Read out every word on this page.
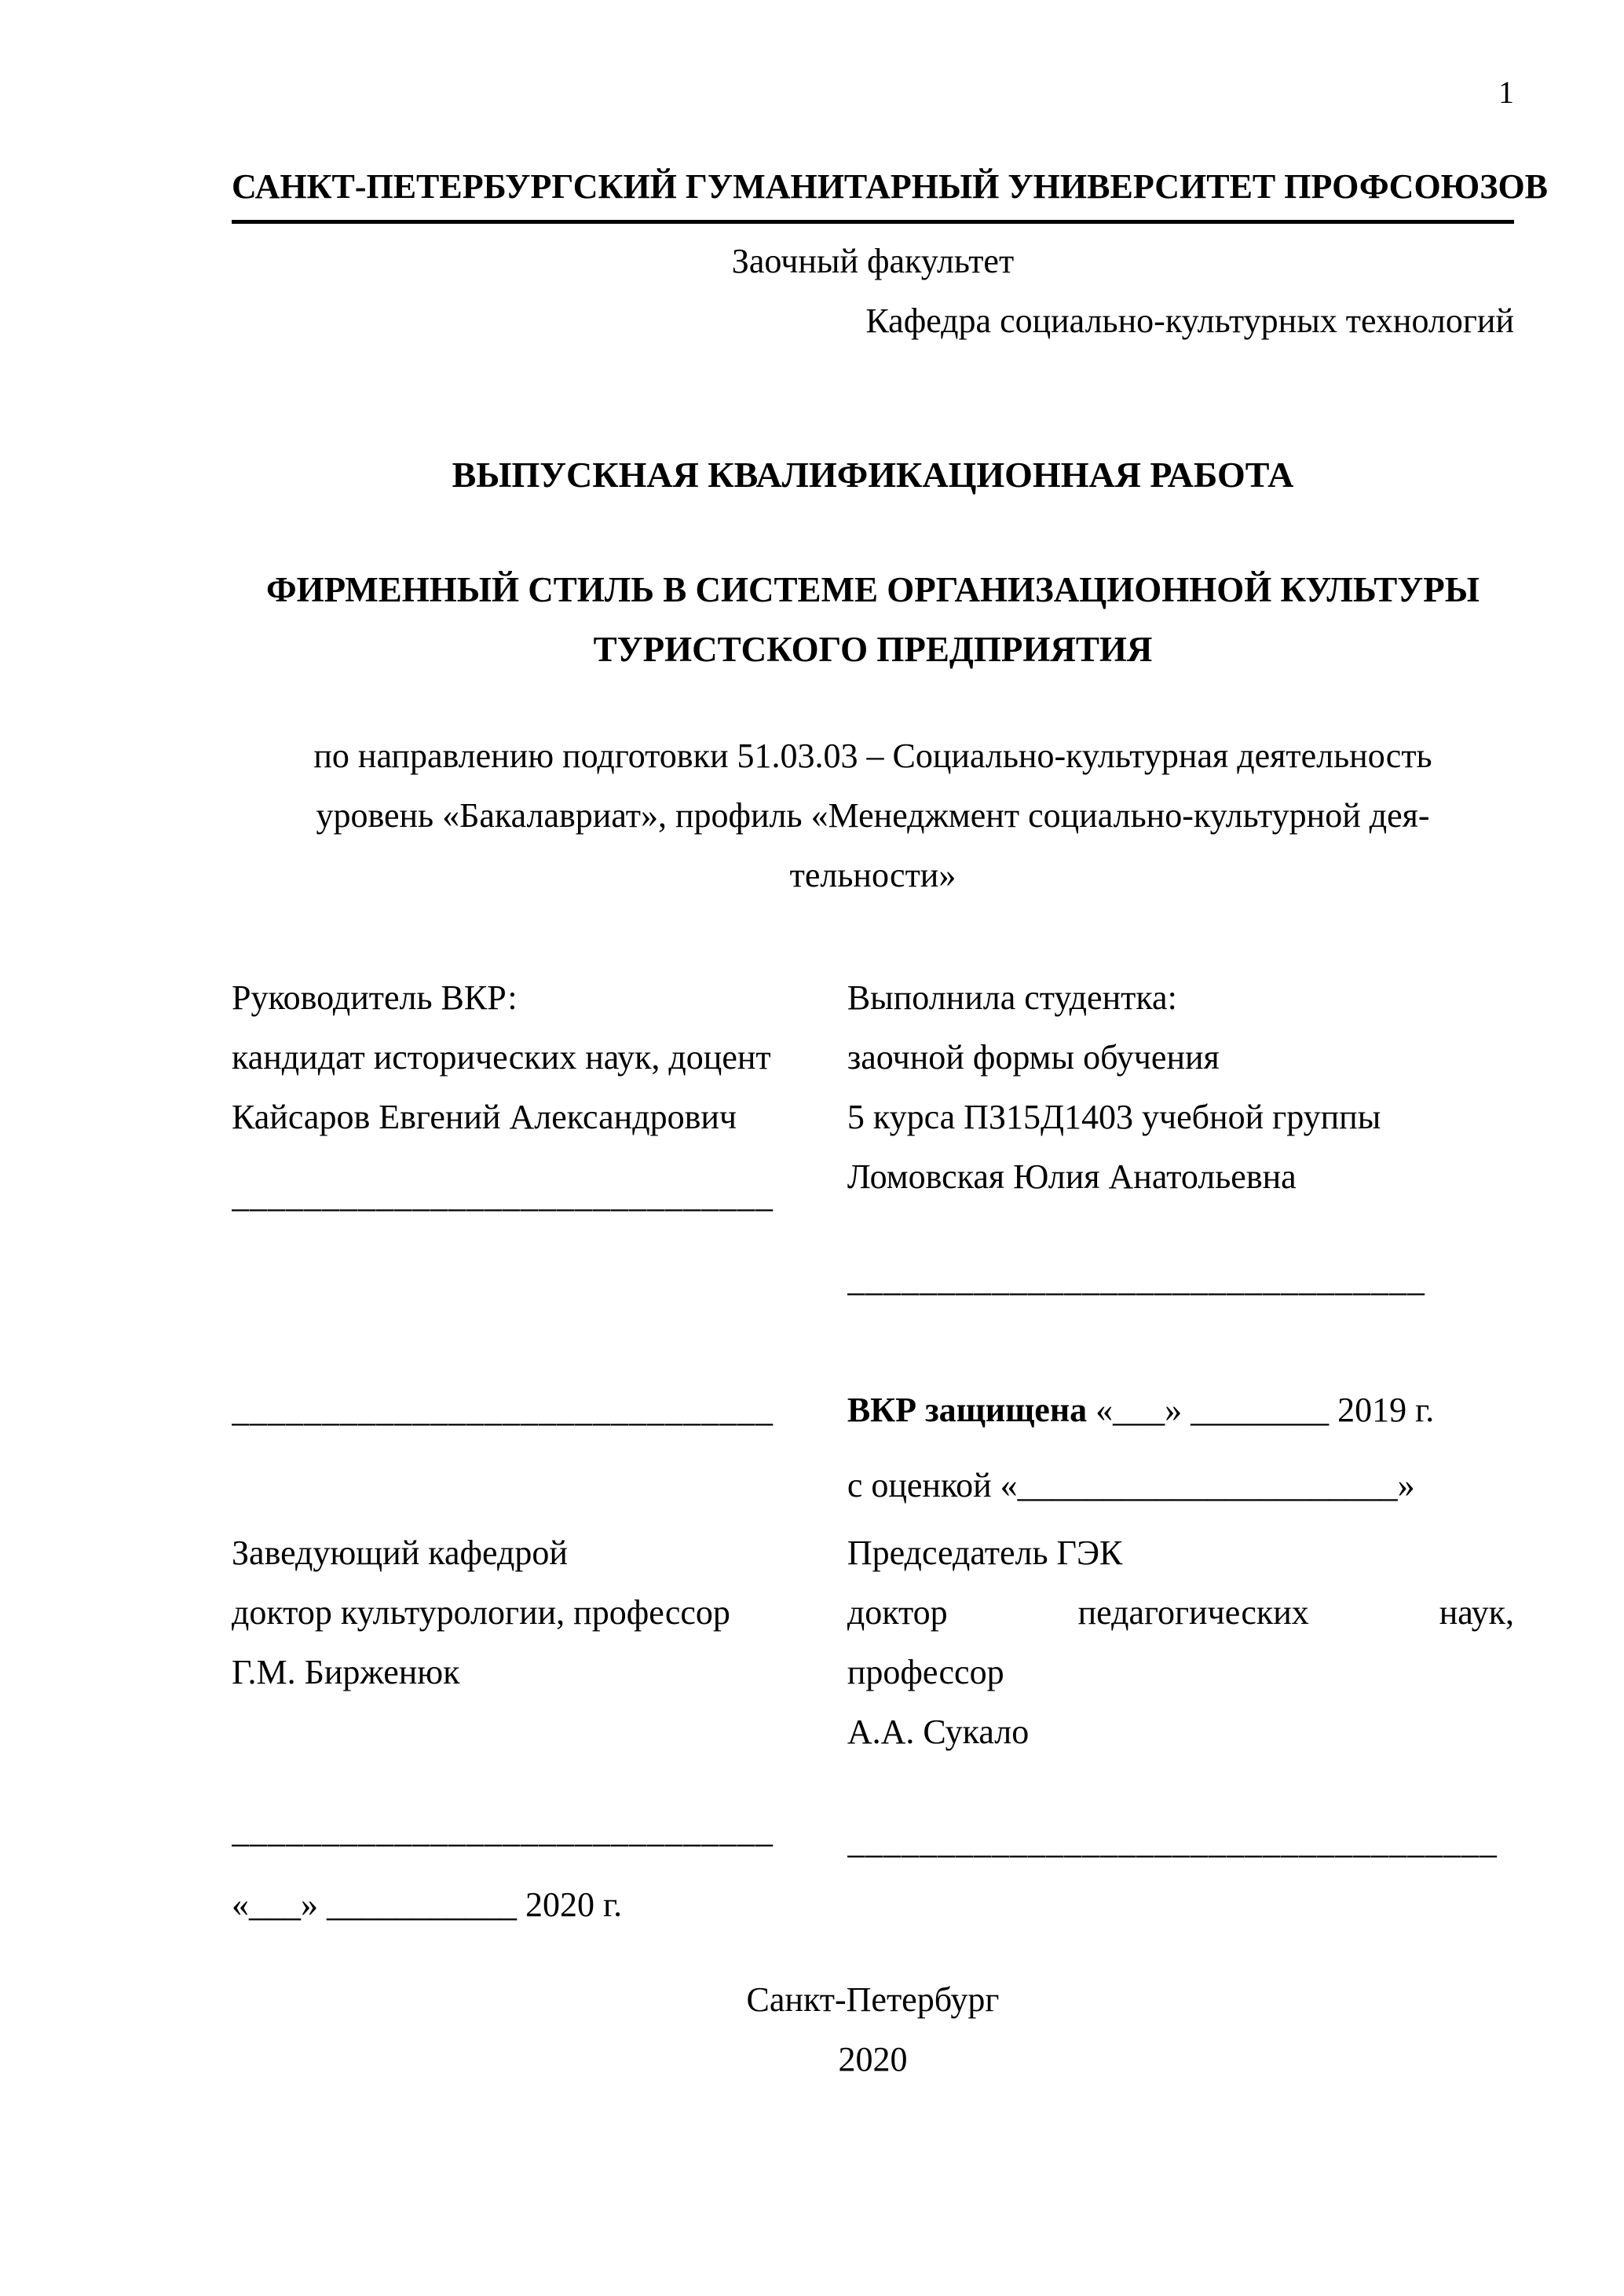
1
САНКТ-ПЕТЕРБУРГСКИЙ ГУМАНИТАРНЫЙ УНИВЕРСИТЕТ ПРОФСОЮЗОВ
Заочный факультет
Кафедра социально-культурных технологий
ВЫПУСКНАЯ КВАЛИФИКАЦИОННАЯ РАБОТА
ФИРМЕННЫЙ СТИЛЬ В СИСТЕМЕ ОРГАНИЗАЦИОННОЙ КУЛЬТУРЫ
ТУРИСТСКОГО ПРЕДПРИЯТИЯ
по направлению подготовки 51.03.03 – Социально-культурная деятельность
уровень «Бакалавриат», профиль «Менеджмент социально-культурной дея-
тельности»
Руководитель ВКР:
кандидат исторических наук, доцент
Кайсаров Евгений Александрович
______________________________
Выполнила студентка:
заочной формы обучения
5 курса ПЗ15Д1403 учебной группы
Ломовская Юлия Анатольевна
________________________________
______________________________	ВКР защищена «___» ________ 2019 г.
с оценкой «______________________»
Заведующий кафедрой
доктор культурологии, профессор
Г.М. Бирженюк
Председатель ГЭК
доктор педагогических наук,
профессор
А.А. Сукало
______________________________
«___» ___________ 2020 г.
____________________________________
Санкт-Петербург
2020
